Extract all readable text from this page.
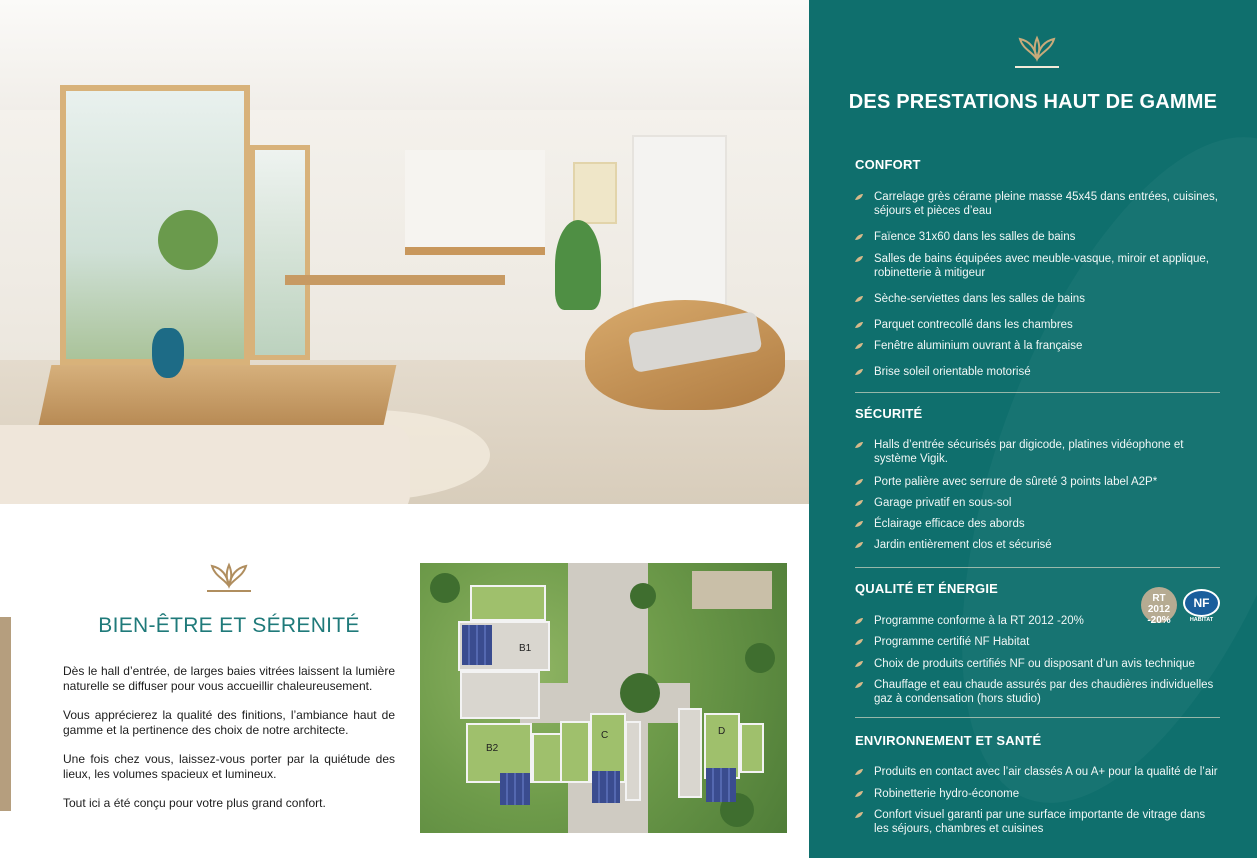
BIEN-ÊTRE ET SÉRENITÉ

Dès le hall d’entrée, de larges baies vitrées laissent la lumière naturelle se diffuser pour vous accueillir chaleureusement.

Vous apprécierez la qualité des finitions, l’ambiance haut de gamme et la pertinence des choix de notre architecte.

Une fois chez vous, laissez-vous porter par la quiétude des lieux, les volumes spacieux et lumineux.

Tout ici a été conçu pour votre plus grand confort.

B1
B2
C	D
DES PRESTATIONS HAUT DE GAMME
CONFORT
Carrelage grès cérame pleine masse 45x45 dans entrées, cuisines, séjours et pièces d’eau
Faïence 31x60 dans les salles de bains
Salles de bains équipées avec meuble-vasque, miroir et applique, robinetterie à mitigeur
Sèche-serviettes dans les salles de bains
Parquet contrecollé dans les chambres
Fenêtre aluminium ouvrant à la française
Brise soleil orientable motorisé
SÉCURITÉ
Halls d’entrée sécurisés par digicode, platines vidéophone et système Vigik.
Porte palière avec serrure de sûreté 3 points label A2P*
Garage privatif en sous-sol
Éclairage efficace des abords
Jardin entièrement clos et sécurisé
QUALITÉ ET ÉNERGIE
Programme conforme à la RT 2012 -20%
Programme certifié NF Habitat
Choix de produits certifiés NF ou disposant d’un avis technique
Chauffage et eau chaude assurés par des chaudières individuelles gaz à condensation (hors studio)
RT
2012
-20%
NF
HABITAT
ENVIRONNEMENT ET SANTÉ
Produits en contact avec l’air classés A ou A+ pour la qualité de l’air
Robinetterie hydro-économe
Confort visuel garanti par une surface importante de vitrage dans les séjours, chambres et cuisines
